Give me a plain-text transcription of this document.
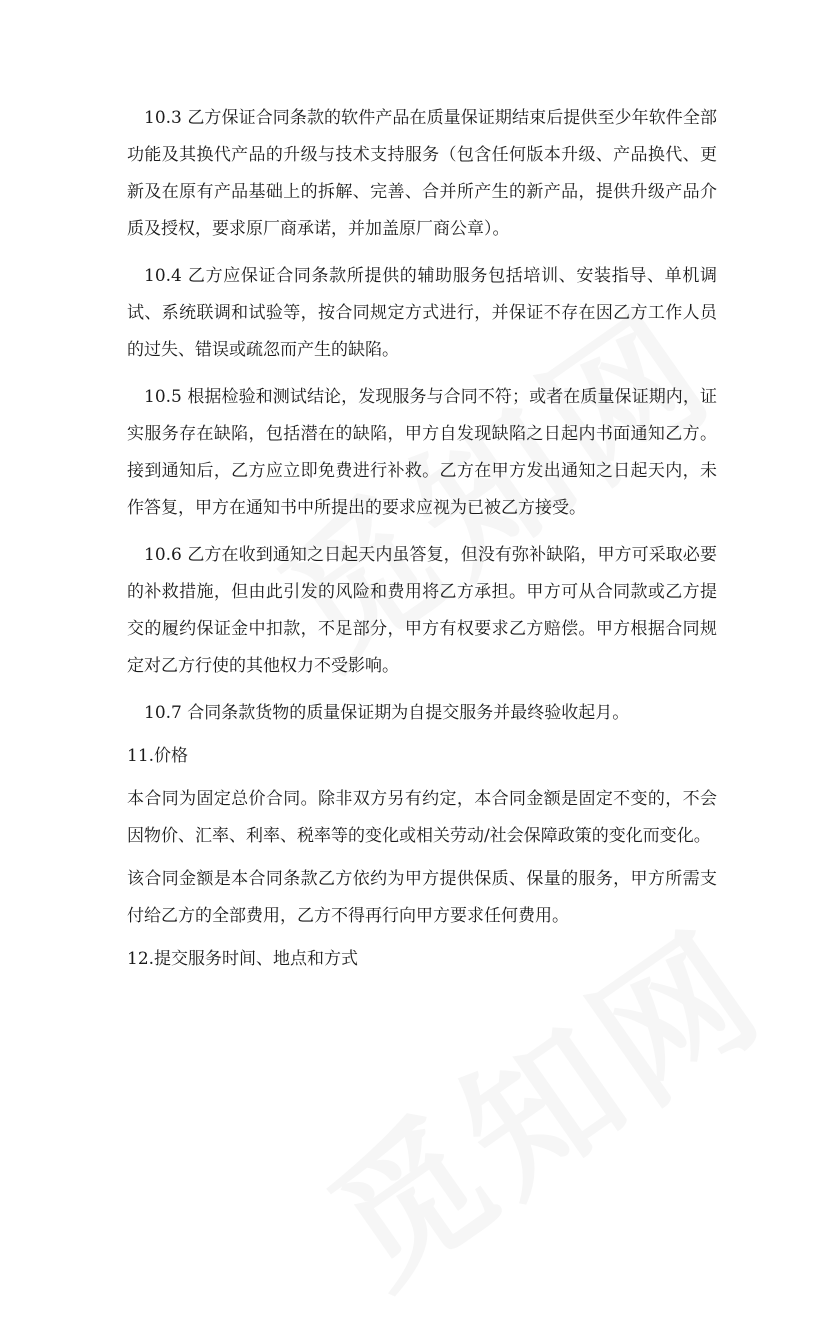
10.3 乙方保证合同条款的软件产品在质量保证期结束后提供至少年软件全部功能及其换代产品的升级与技术支持服务（包含任何版本升级、产品换代、更新及在原有产品基础上的拆解、完善、合并所产生的新产品，提供升级产品介质及授权，要求原厂商承诺，并加盖原厂商公章）。

10.4 乙方应保证合同条款所提供的辅助服务包括培训、安装指导、单机调试、系统联调和试验等，按合同规定方式进行，并保证不存在因乙方工作人员的过失、错误或疏忽而产生的缺陷。

10.5 根据检验和测试结论，发现服务与合同不符；或者在质量保证期内，证实服务存在缺陷，包括潜在的缺陷，甲方自发现缺陷之日起内书面通知乙方。接到通知后，乙方应立即免费进行补救。乙方在甲方发出通知之日起天内，未作答复，甲方在通知书中所提出的要求应视为已被乙方接受。

10.6 乙方在收到通知之日起天内虽答复，但没有弥补缺陷，甲方可采取必要的补救措施，但由此引发的风险和费用将乙方承担。甲方可从合同款或乙方提交的履约保证金中扣款，不足部分，甲方有权要求乙方赔偿。甲方根据合同规定对乙方行使的其他权力不受影响。

10.7 合同条款货物的质量保证期为自提交服务并最终验收起月。

11.价格

本合同为固定总价合同。除非双方另有约定，本合同金额是固定不变的，不会因物价、汇率、利率、税率等的变化或相关劳动/社会保障政策的变化而变化。

该合同金额是本合同条款乙方依约为甲方提供保质、保量的服务，甲方所需支付给乙方的全部费用，乙方不得再行向甲方要求任何费用。

12.提交服务时间、地点和方式
